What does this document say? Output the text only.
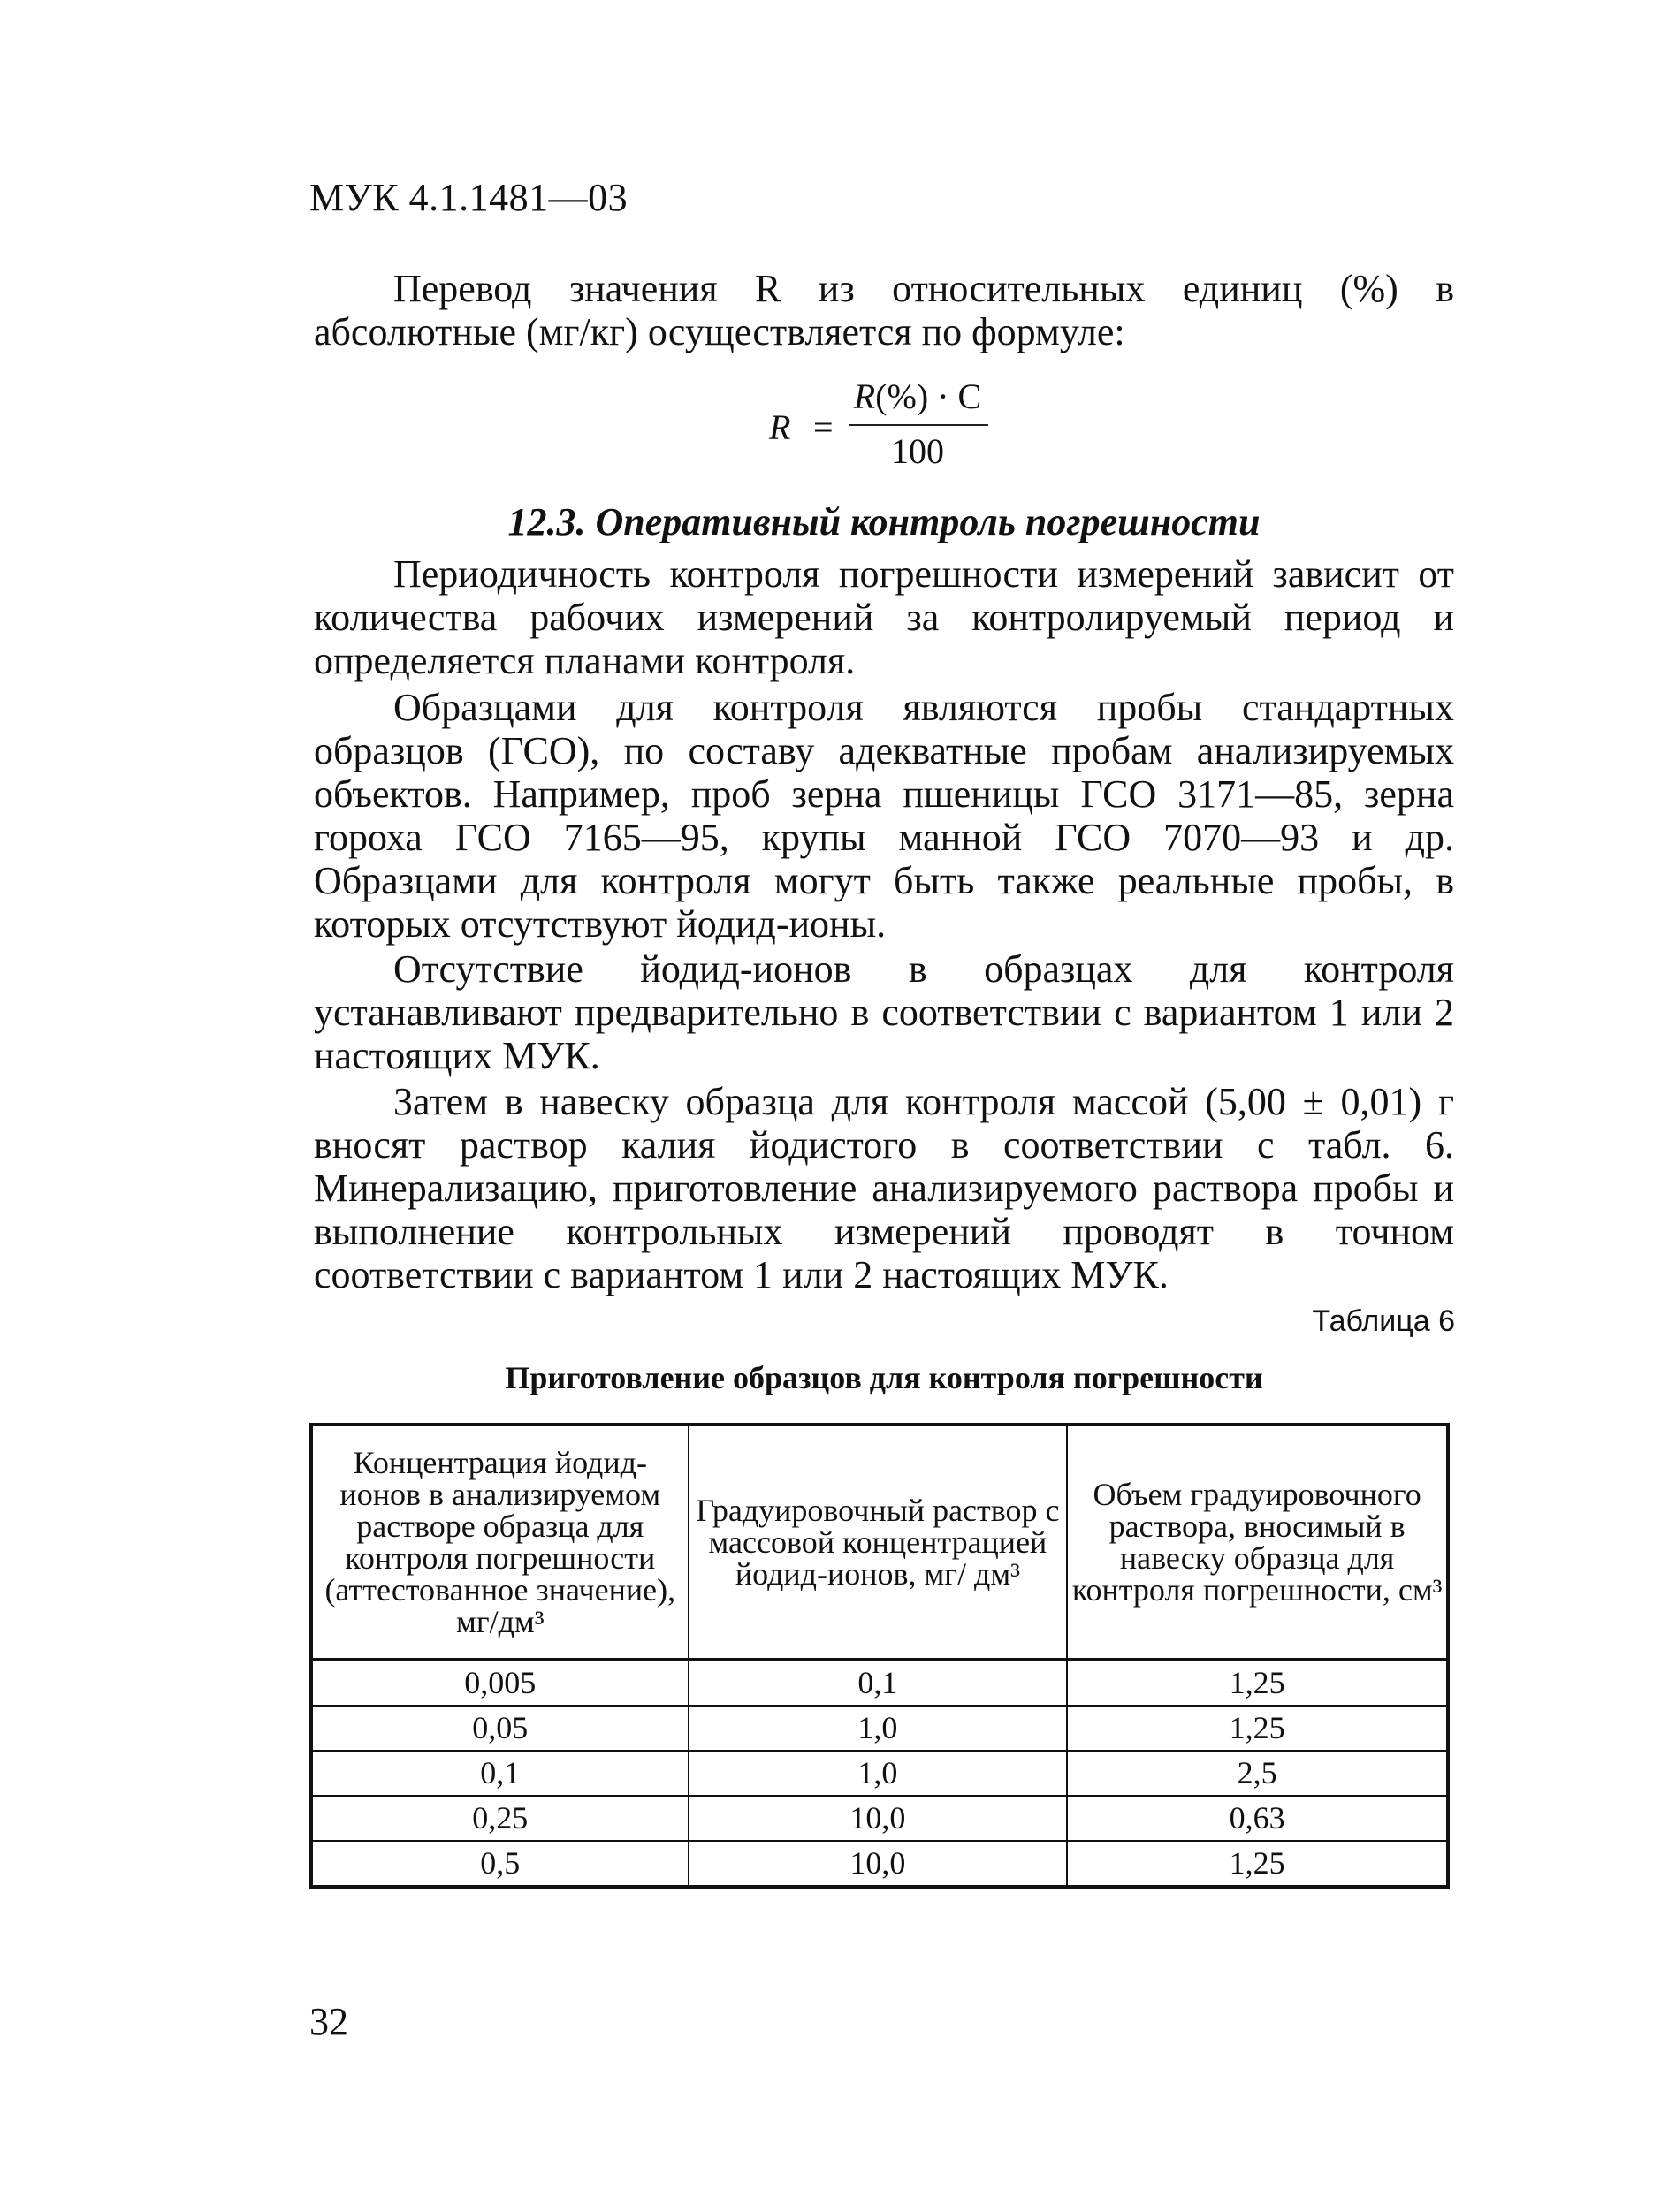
МУК 4.1.1481—03
Перевод значения R из относительных единиц (%) в абсолютные (мг/кг) осуществляется по формуле:
R =
R(%) · C
100
12.3. Оперативный контроль погрешности
Периодичность контроля погрешности измерений зависит от количества рабочих измерений за контролируемый период и определяется планами контроля.
Образцами для контроля являются пробы стандартных образцов (ГСО), по составу адекватные пробам анализируемых объектов. Например, проб зерна пшеницы ГСО 3171—85, зерна гороха ГСО 7165—95, крупы манной ГСО 7070—93 и др. Образцами для контроля могут быть также реальные пробы, в которых отсутствуют йодид-ионы.
Отсутствие йодид-ионов в образцах для контроля устанавливают предварительно в соответствии с вариантом 1 или 2 настоящих МУК.
Затем в навеску образца для контроля массой (5,00 ± 0,01) г вносят раствор калия йодистого в соответствии с табл. 6. Минерализацию, приготовление анализируемого раствора пробы и выполнение контрольных измерений проводят в точном соответствии с вариантом 1 или 2 настоящих МУК.
Таблица 6
Приготовление образцов для контроля погрешности
Концентрация йодид-ионов в анализируемом растворе образца для контроля погрешности (аттестованное значение), мг/дм³	Градуировочный раствор с массовой концентрацией йодид-ионов, мг/ дм³	Объем градуировочного раствора, вносимый в навеску образца для контроля погрешности, см³
0,005	0,1	1,25
0,05	1,0	1,25
0,1	1,0	2,5
0,25	10,0	0,63
0,5	10,0	1,25
32
